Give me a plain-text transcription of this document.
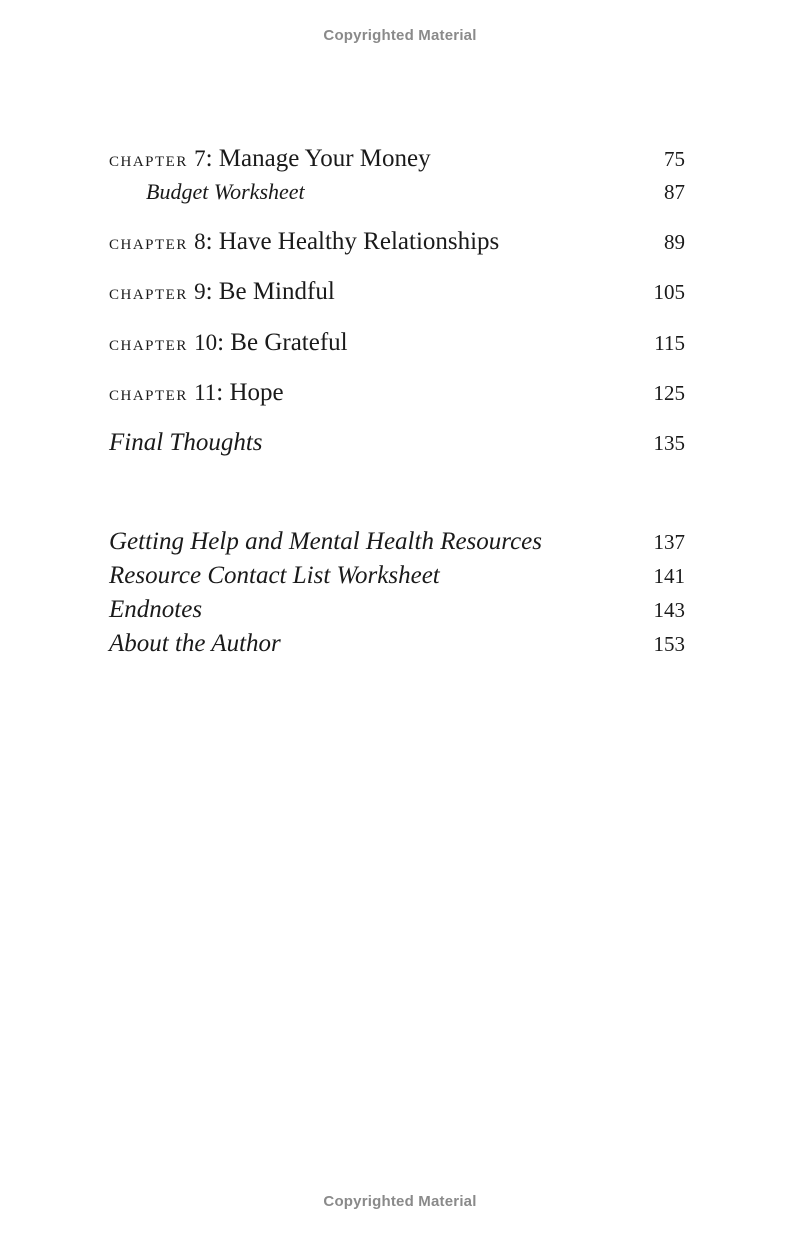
Copyrighted Material
chapter 7: Manage Your Money	75
Budget Worksheet	87
chapter 8: Have Healthy Relationships	89
chapter 9: Be Mindful	105
chapter 10: Be Grateful	115
chapter 11: Hope	125
Final Thoughts	135
Getting Help and Mental Health Resources	137
Resource Contact List Worksheet	141
Endnotes	143
About the Author	153
Copyrighted Material
